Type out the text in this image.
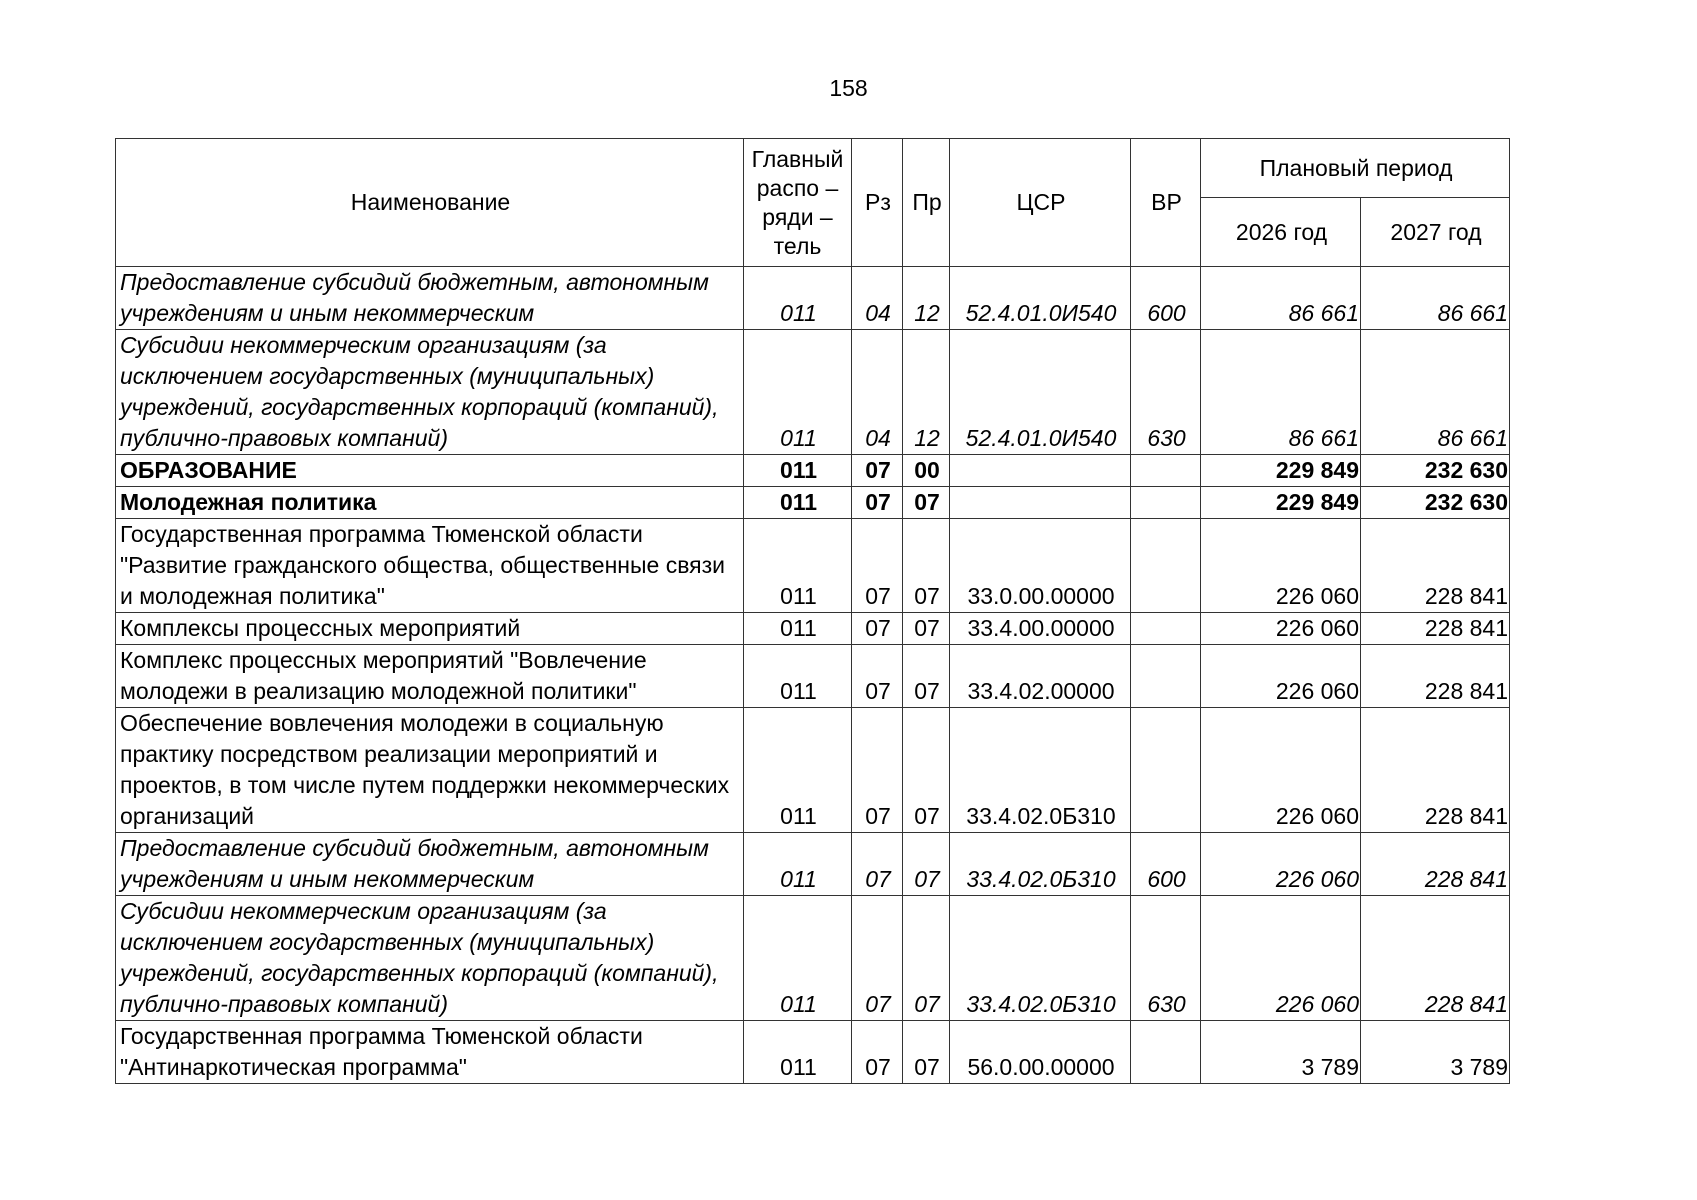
158
Наименование	Главный распо – ряди – тель	Рз	Пр	ЦСР	ВР	Плановый период	
						2026 год	2027 год
Предоставление субсидий бюджетным, автономным учреждениям и иным некоммерческим	011	04	12	52.4.01.0И540	600	86 661	86 661
Субсидии некоммерческим организациям (за исключением государственных (муниципальных) учреждений, государственных корпораций (компаний), публично-правовых компаний)	011	04	12	52.4.01.0И540	630	86 661	86 661
ОБРАЗОВАНИЕ	011	07	00			229 849	232 630
Молодежная политика	011	07	07			229 849	232 630
Государственная программа Тюменской области "Развитие гражданского общества, общественные связи и молодежная политика"	011	07	07	33.0.00.00000		226 060	228 841
Комплексы процессных мероприятий	011	07	07	33.4.00.00000		226 060	228 841
Комплекс процессных мероприятий "Вовлечение молодежи в реализацию молодежной политики"	011	07	07	33.4.02.00000		226 060	228 841
Обеспечение вовлечения молодежи в социальную практику посредством реализации мероприятий и проектов, в том числе путем поддержки некоммерческих организаций	011	07	07	33.4.02.0Б310		226 060	228 841
Предоставление субсидий бюджетным, автономным учреждениям и иным некоммерческим	011	07	07	33.4.02.0Б310	600	226 060	228 841
Субсидии некоммерческим организациям (за исключением государственных (муниципальных) учреждений, государственных корпораций (компаний), публично-правовых компаний)	011	07	07	33.4.02.0Б310	630	226 060	228 841
Государственная программа Тюменской области "Антинаркотическая программа"	011	07	07	56.0.00.00000		3 789	3 789
